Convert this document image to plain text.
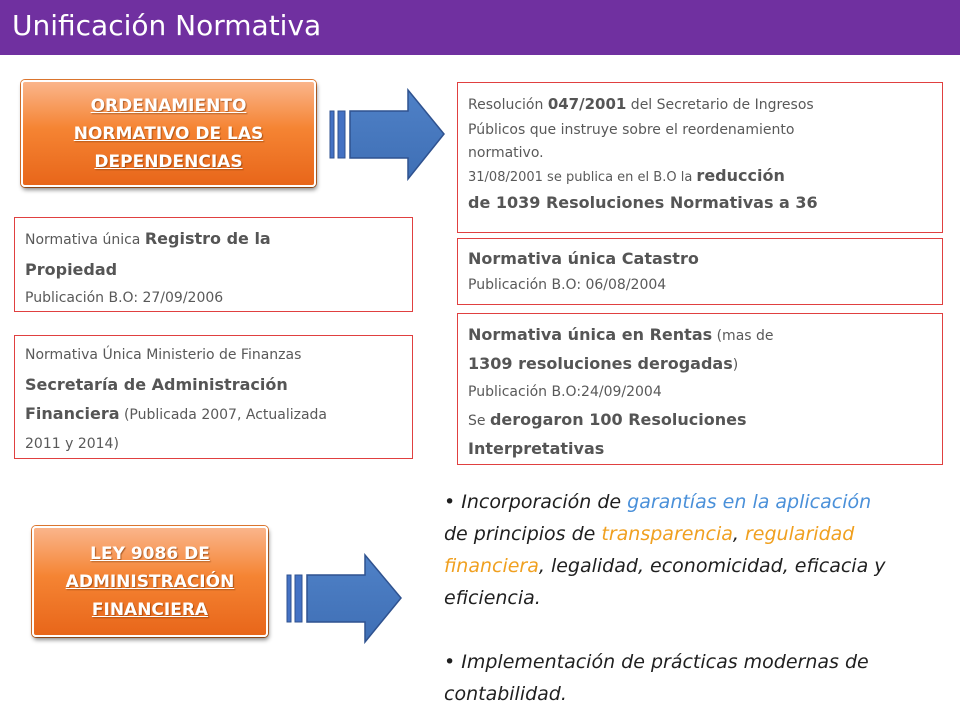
Unificación Normativa
ORDENAMIENTO
NORMATIVO DE LAS
DEPENDENCIAS
Resolución 047/2001 del Secretario de Ingresos
Públicos que instruye sobre el reordenamiento
normativo.
31/08/2001 se publica en el B.O la reducción
de 1039 Resoluciones Normativas a 36
Normativa única Catastro
Publicación B.O: 06/08/2004
Normativa única en Rentas (mas de
1309 resoluciones derogadas)
Publicación B.O:24/09/2004
Se derogaron 100 Resoluciones
Interpretativas
Normativa única Registro de la
Propiedad
Publicación B.O: 27/09/2006
Normativa Única Ministerio de Finanzas
Secretaría de Administración
Financiera (Publicada 2007, Actualizada
2011 y 2014)
LEY 9086 DE
ADMINISTRACIÓN
FINANCIERA
• Incorporación de garantías en la aplicación
de principios de transparencia, regularidad
financiera, legalidad, economicidad, eficacia y
eficiencia.
• Implementación de prácticas modernas de
contabilidad.
